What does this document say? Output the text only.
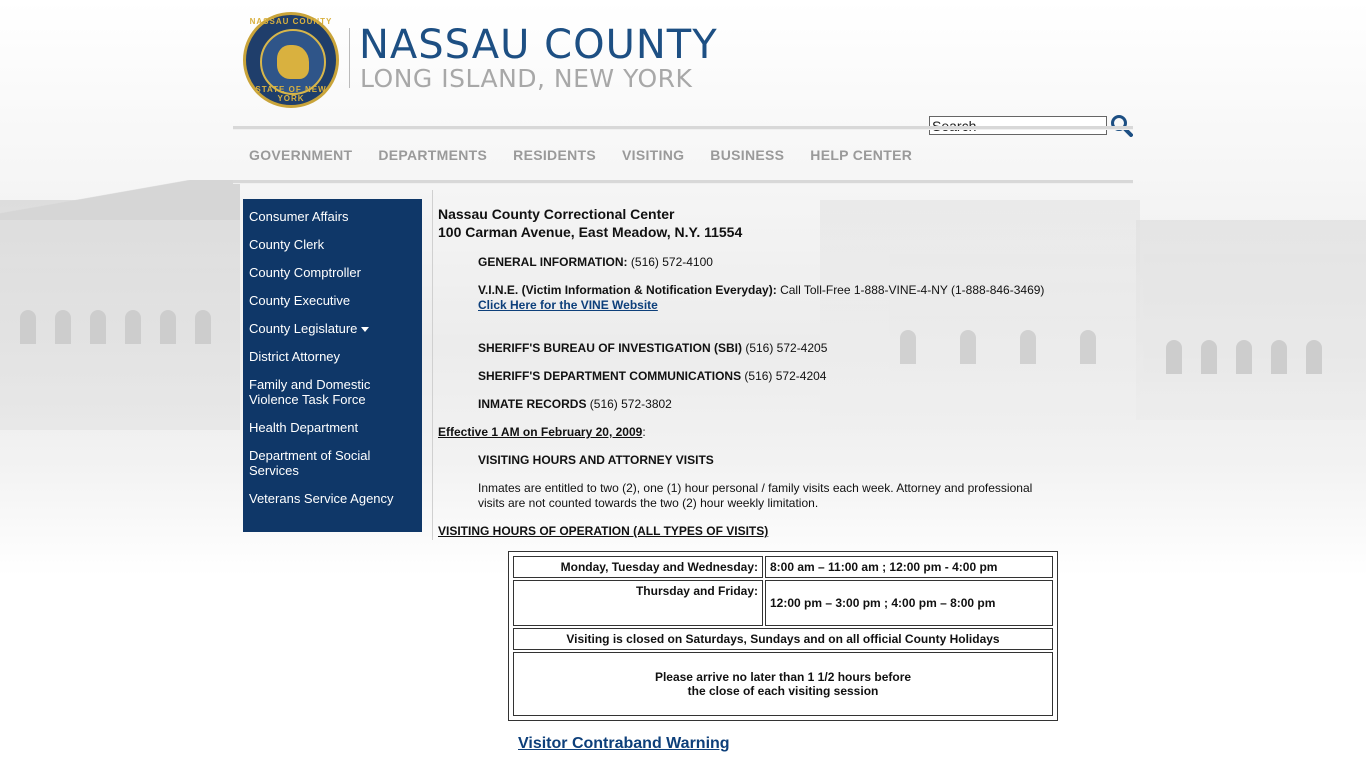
NASSAU COUNTY
STATE OF NEW YORK
NASSAU COUNTY
LONG ISLAND, NEW YORK
Search
GOVERNMENT DEPARTMENTS RESIDENTS VISITING BUSINESS HELP CENTER
Consumer Affairs
County Clerk
County Comptroller
County Executive
County Legislature
District Attorney
Family and Domestic Violence Task Force
Health Department
Department of Social Services
Veterans Service Agency
Nassau County Correctional Center
100 Carman Avenue, East Meadow, N.Y. 11554
GENERAL INFORMATION: (516) 572-4100
V.I.N.E. (Victim Information & Notification Everyday): Call Toll-Free 1-888-VINE-4-NY (1-888-846-3469)
Click Here for the VINE Website
SHERIFF'S BUREAU OF INVESTIGATION (SBI) (516) 572-4205
SHERIFF'S DEPARTMENT COMMUNICATIONS (516) 572-4204
INMATE RECORDS (516) 572-3802
Effective 1 AM on February 20, 2009:
VISITING HOURS AND ATTORNEY VISITS
Inmates are entitled to two (2), one (1) hour personal / family visits each week. Attorney and professional visits are not counted towards the two (2) hour weekly limitation.
VISITING HOURS OF OPERATION (ALL TYPES OF VISITS)
Monday, Tuesday and Wednesday:	8:00 am – 11:00 am ; 12:00 pm - 4:00 pm
Thursday and Friday:	12:00 pm – 3:00 pm ; 4:00 pm – 8:00 pm
Visiting is closed on Saturdays, Sundays and on all official County Holidays	
Please arrive no later than 1 1/2 hours before
the close of each visiting session	
Visitor Contraband Warning
